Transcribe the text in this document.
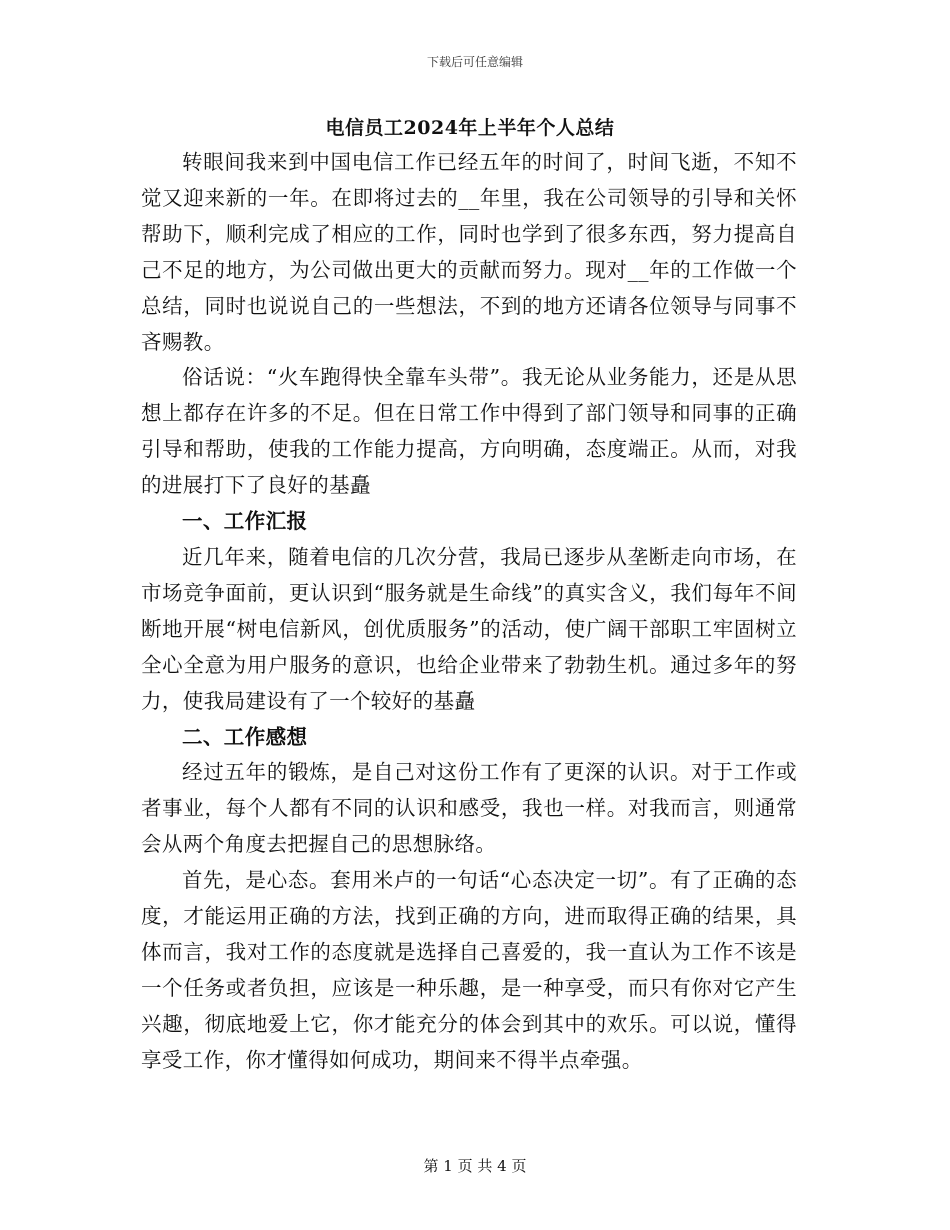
下载后可任意编辑
电信员工2024年上半年个人总结

转眼间我来到中国电信工作已经五年的时间了，时间飞逝，不知不觉又迎来新的一年。在即将过去的__年里，我在公司领导的引导和关怀帮助下，顺利完成了相应的工作，同时也学到了很多东西，努力提高自己不足的地方，为公司做出更大的贡献而努力。现对__年的工作做一个总结，同时也说说自己的一些想法，不到的地方还请各位领导与同事不吝赐教。

俗话说：“火车跑得快全靠车头带”。我无论从业务能力，还是从思想上都存在许多的不足。但在日常工作中得到了部门领导和同事的正确引导和帮助，使我的工作能力提高，方向明确，态度端正。从而，对我的进展打下了良好的基矗

一、工作汇报

近几年来，随着电信的几次分营，我局已逐步从垄断走向市场，在市场竞争面前，更认识到“服务就是生命线”的真实含义，我们每年不间断地开展“树电信新风，创优质服务”的活动，使广阔干部职工牢固树立全心全意为用户服务的意识，也给企业带来了勃勃生机。通过多年的努力，使我局建设有了一个较好的基矗

二、工作感想

经过五年的锻炼，是自己对这份工作有了更深的认识。对于工作或者事业，每个人都有不同的认识和感受，我也一样。对我而言，则通常会从两个角度去把握自己的思想脉络。

首先，是心态。套用米卢的一句话“心态决定一切”。有了正确的态度，才能运用正确的方法，找到正确的方向，进而取得正确的结果，具体而言，我对工作的态度就是选择自己喜爱的，我一直认为工作不该是一个任务或者负担，应该是一种乐趣，是一种享受，而只有你对它产生兴趣，彻底地爱上它，你才能充分的体会到其中的欢乐。可以说，懂得享受工作，你才懂得如何成功，期间来不得半点牵强。

第 1 页 共 4 页
